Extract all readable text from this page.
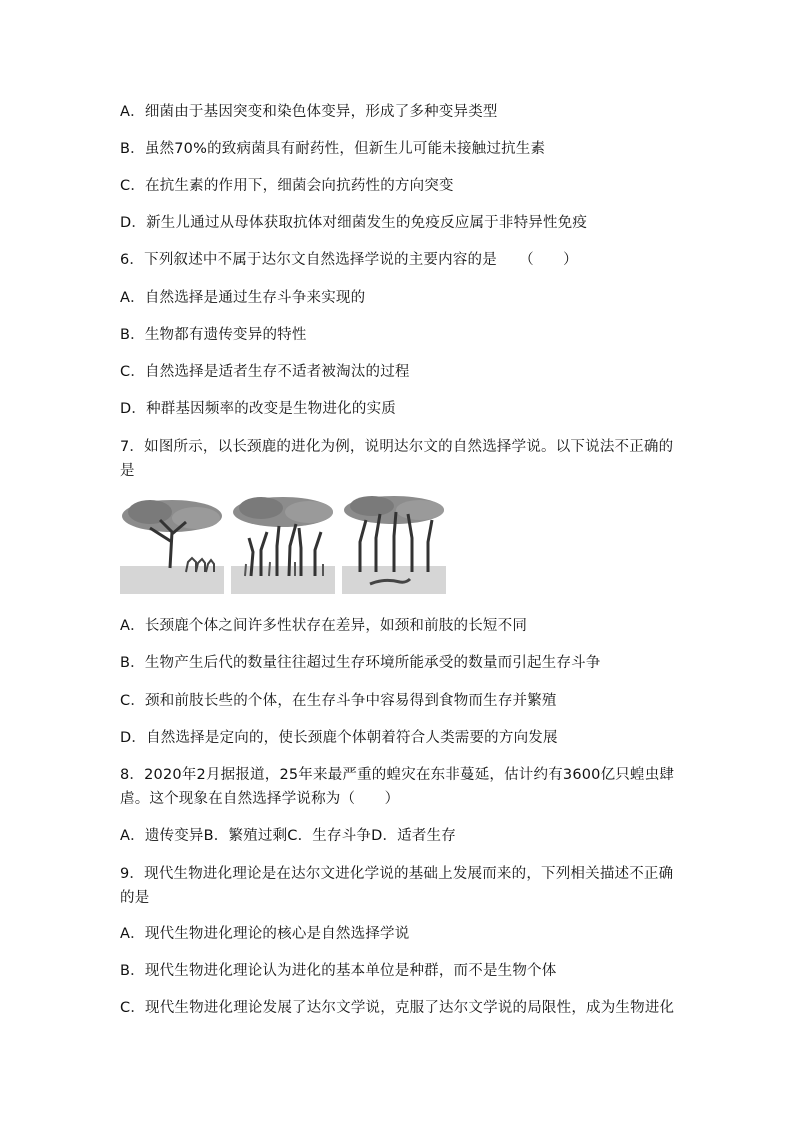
A．细菌由于基因突变和染色体变异，形成了多种变异类型
B．虽然70%的致病菌具有耐药性，但新生儿可能未接触过抗生素
C．在抗生素的作用下，细菌会向抗药性的方向突变
D．新生儿通过从母体获取抗体对细菌发生的免疫反应属于非特异性免疫
6．下列叙述中不属于达尔文自然选择学说的主要内容的是　　（　　）
A．自然选择是通过生存斗争来实现的
B．生物都有遗传变异的特性
C．自然选择是适者生存不适者被淘汰的过程
D．种群基因频率的改变是生物进化的实质
7．如图所示，以长颈鹿的进化为例，说明达尔文的自然选择学说。以下说法不正确的
是
A．长颈鹿个体之间许多性状存在差异，如颈和前肢的长短不同
B．生物产生后代的数量往往超过生存环境所能承受的数量而引起生存斗争
C．颈和前肢长些的个体，在生存斗争中容易得到食物而生存并繁殖
D．自然选择是定向的，使长颈鹿个体朝着符合人类需要的方向发展
8．2020年2月据报道，25年来最严重的蝗灾在东非蔓延，估计约有3600亿只蝗虫肆
虐。这个现象在自然选择学说称为（　　）
A．遗传变异B．繁殖过剩C．生存斗争D．适者生存
9．现代生物进化理论是在达尔文进化学说的基础上发展而来的，下列相关描述不正确
的是
A．现代生物进化理论的核心是自然选择学说
B．现代生物进化理论认为进化的基本单位是种群，而不是生物个体
C．现代生物进化理论发展了达尔文学说，克服了达尔文学说的局限性，成为生物进化
